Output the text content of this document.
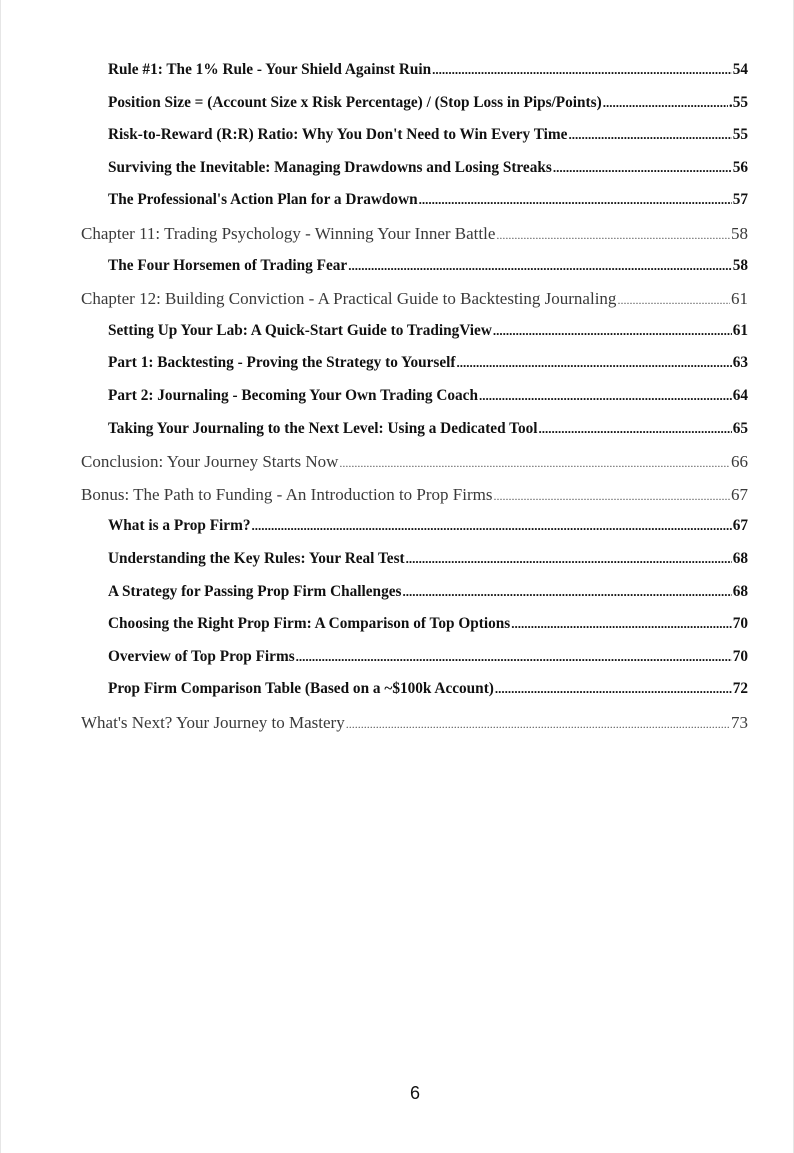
Rule #1: The 1% Rule - Your Shield Against Ruin .....	54
Position Size = (Account Size x Risk Percentage) / (Stop Loss in Pips/Points) .....	.55
Risk-to-Reward (R:R) Ratio: Why You Don't Need to Win Every Time .....	55
Surviving the Inevitable: Managing Drawdowns and Losing Streaks .....	56
The Professional's Action Plan for a Drawdown .....	57
Chapter 11: Trading Psychology - Winning Your Inner Battle .....	58
The Four Horsemen of Trading Fear .....	58
Chapter 12: Building Conviction - A Practical Guide to Backtesting Journaling .....	61
Setting Up Your Lab: A Quick-Start Guide to TradingView .....	61
Part 1: Backtesting - Proving the Strategy to Yourself .....	63
Part 2: Journaling - Becoming Your Own Trading Coach .....	64
Taking Your Journaling to the Next Level: Using a Dedicated Tool .....	65
Conclusion: Your Journey Starts Now .....	66
Bonus: The Path to Funding - An Introduction to Prop Firms .....	67
What is a Prop Firm? .....	67
Understanding the Key Rules: Your Real Test .....	68
A Strategy for Passing Prop Firm Challenges .....	68
Choosing the Right Prop Firm: A Comparison of Top Options .....	70
Overview of Top Prop Firms .....	70
Prop Firm Comparison Table (Based on a ~$100k Account) .....	72
What's Next? Your Journey to Mastery .....	73
6
